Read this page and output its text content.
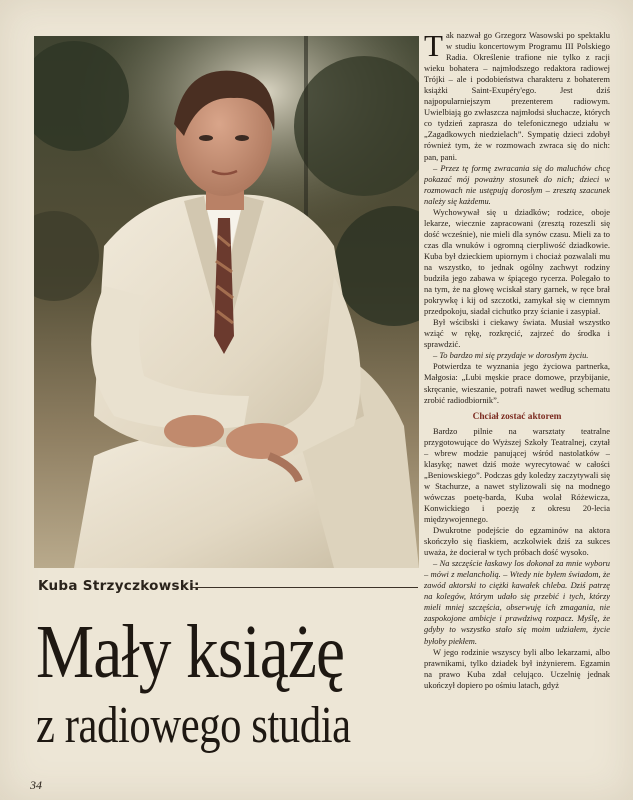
Kuba Strzyczkowski:
Mały książę
z radiowego studia
34

Tak nazwał go Grzegorz Wasowski po spektaklu w studiu koncertowym Programu III Polskiego Radia. Określenie trafione nie tylko z racji wieku bohatera – najmłodszego redaktora radiowej Trójki – ale i podobieństwa charakteru z bohaterem książki Saint-Exupéry'ego. Jest dziś najpopularniejszym prezenterem radiowym. Uwielbiają go zwłaszcza najmłodsi słuchacze, których co tydzień zaprasza do telefonicznego udziału w „Zagadkowych niedzielach”. Sympatię dzieci zdobył również tym, że w rozmowach zwraca się do nich: pan, pani.

– Przez tę formę zwracania się do maluchów chcę pokazać mój poważny stosunek do nich; dzieci w rozmowach nie ustępują dorosłym – zresztą szacunek należy się każdemu.

Wychowywał się u dziadków; rodzice, oboje lekarze, wiecznie zapracowani (zresztą rozeszli się dość wcześnie), nie mieli dla synów czasu. Mieli za to czas dla wnuków i ogromną cierpliwość dziadkowie. Kuba był dzieckiem upiornym i chociaż pozwalali mu na wszystko, to jednak ogólny zachwyt rodziny budziła jego zabawa w śpiącego rycerza. Polegało to na tym, że na głowę wciskał stary garnek, w ręce brał pokrywkę i kij od szczotki, zamykał się w ciemnym przedpokoju, siadał cichutko przy ścianie i zasypiał.

Był wścibski i ciekawy świata. Musiał wszystko wziąć w rękę, rozkręcić, zajrzeć do środka i sprawdzić.

– To bardzo mi się przydaje w dorosłym życiu.

Potwierdza te wyznania jego życiowa partnerka, Małgosia: „Lubi męskie prace domowe, przybijanie, skręcanie, wieszanie, potrafi nawet według schematu zrobić radiodbiornik”.

Chciał zostać aktorem

Bardzo pilnie na warsztaty teatralne przygotowujące do Wyższej Szkoły Teatralnej, czytał – wbrew modzie panującej wśród nastolatków – klasykę; nawet dziś może wyrecytować w całości „Beniowskiego”. Podczas gdy koledzy zaczytywali się w Stachurze, a nawet stylizowali się na modnego wówczas poetę-barda, Kuba wolał Różewicza, Konwickiego i poezję z okresu 20-lecia międzywojennego.

Dwukrotne podejście do egzaminów na aktora skończyło się fiaskiem, aczkolwiek dziś za sukces uważa, że docierał w tych próbach dość wysoko.

– Na szczęście łaskawy los dokonał za mnie wyboru – mówi z melancholią. – Wtedy nie byłem świadom, że zawód aktorski to ciężki kawałek chleba. Dziś patrzę na kolegów, którym udało się przebić i tych, którzy mieli mniej szczęścia, obserwuję ich zmagania, nie zaspokojone ambicje i prawdziwą rozpacz. Myślę, że gdyby to wszystko stało się moim udziałem, życie byłoby piekłem.

W jego rodzinie wszyscy byli albo lekarzami, albo prawnikami, tylko dziadek był inżynierem. Egzamin na prawo Kuba zdał celująco. Uczelnię jednak ukończył dopiero po ośmiu latach, gdyż
